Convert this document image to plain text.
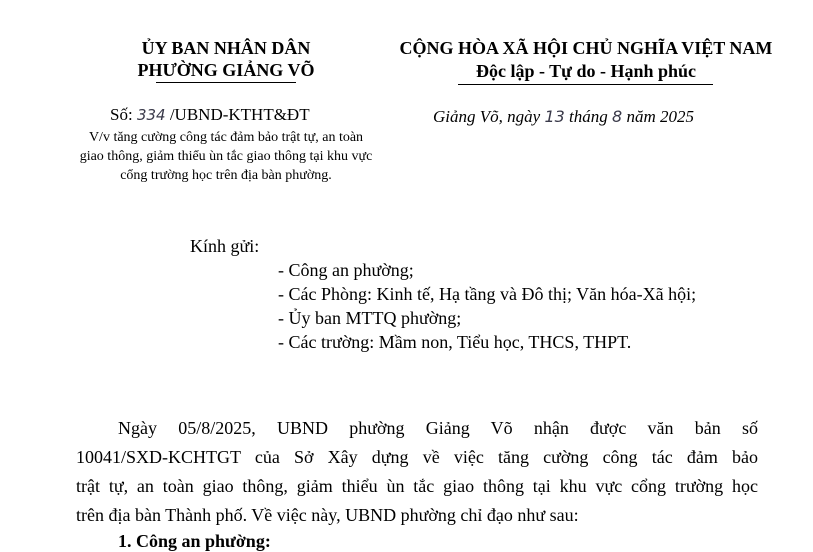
ỦY BAN NHÂN DÂN
PHƯỜNG GIẢNG VÕ
CỘNG HÒA XÃ HỘI CHỦ NGHĨA VIỆT NAM
Độc lập - Tự do - Hạnh phúc
Số: 334 /UBND-KTHT&ĐT
V/v tăng cường công tác đảm bảo trật tự, an toàn giao thông, giảm thiểu ùn tắc giao thông tại khu vực cổng trường học trên địa bàn phường.
Giảng Võ, ngày 13 tháng 8 năm 2025
Kính gửi:
- Công an phường;
- Các Phòng: Kinh tế, Hạ tầng và Đô thị; Văn hóa-Xã hội;
- Ủy ban MTTQ phường;
- Các trường: Mầm non, Tiểu học, THCS, THPT.
Ngày 05/8/2025, UBND phường Giảng Võ nhận được văn bản số
10041/SXD-KCHTGT của Sở Xây dựng về việc tăng cường công tác đảm bảo
trật tự, an toàn giao thông, giảm thiểu ùn tắc giao thông tại khu vực cổng trường học
trên địa bàn Thành phố. Về việc này, UBND phường chỉ đạo như sau:
1. Công an phường:
